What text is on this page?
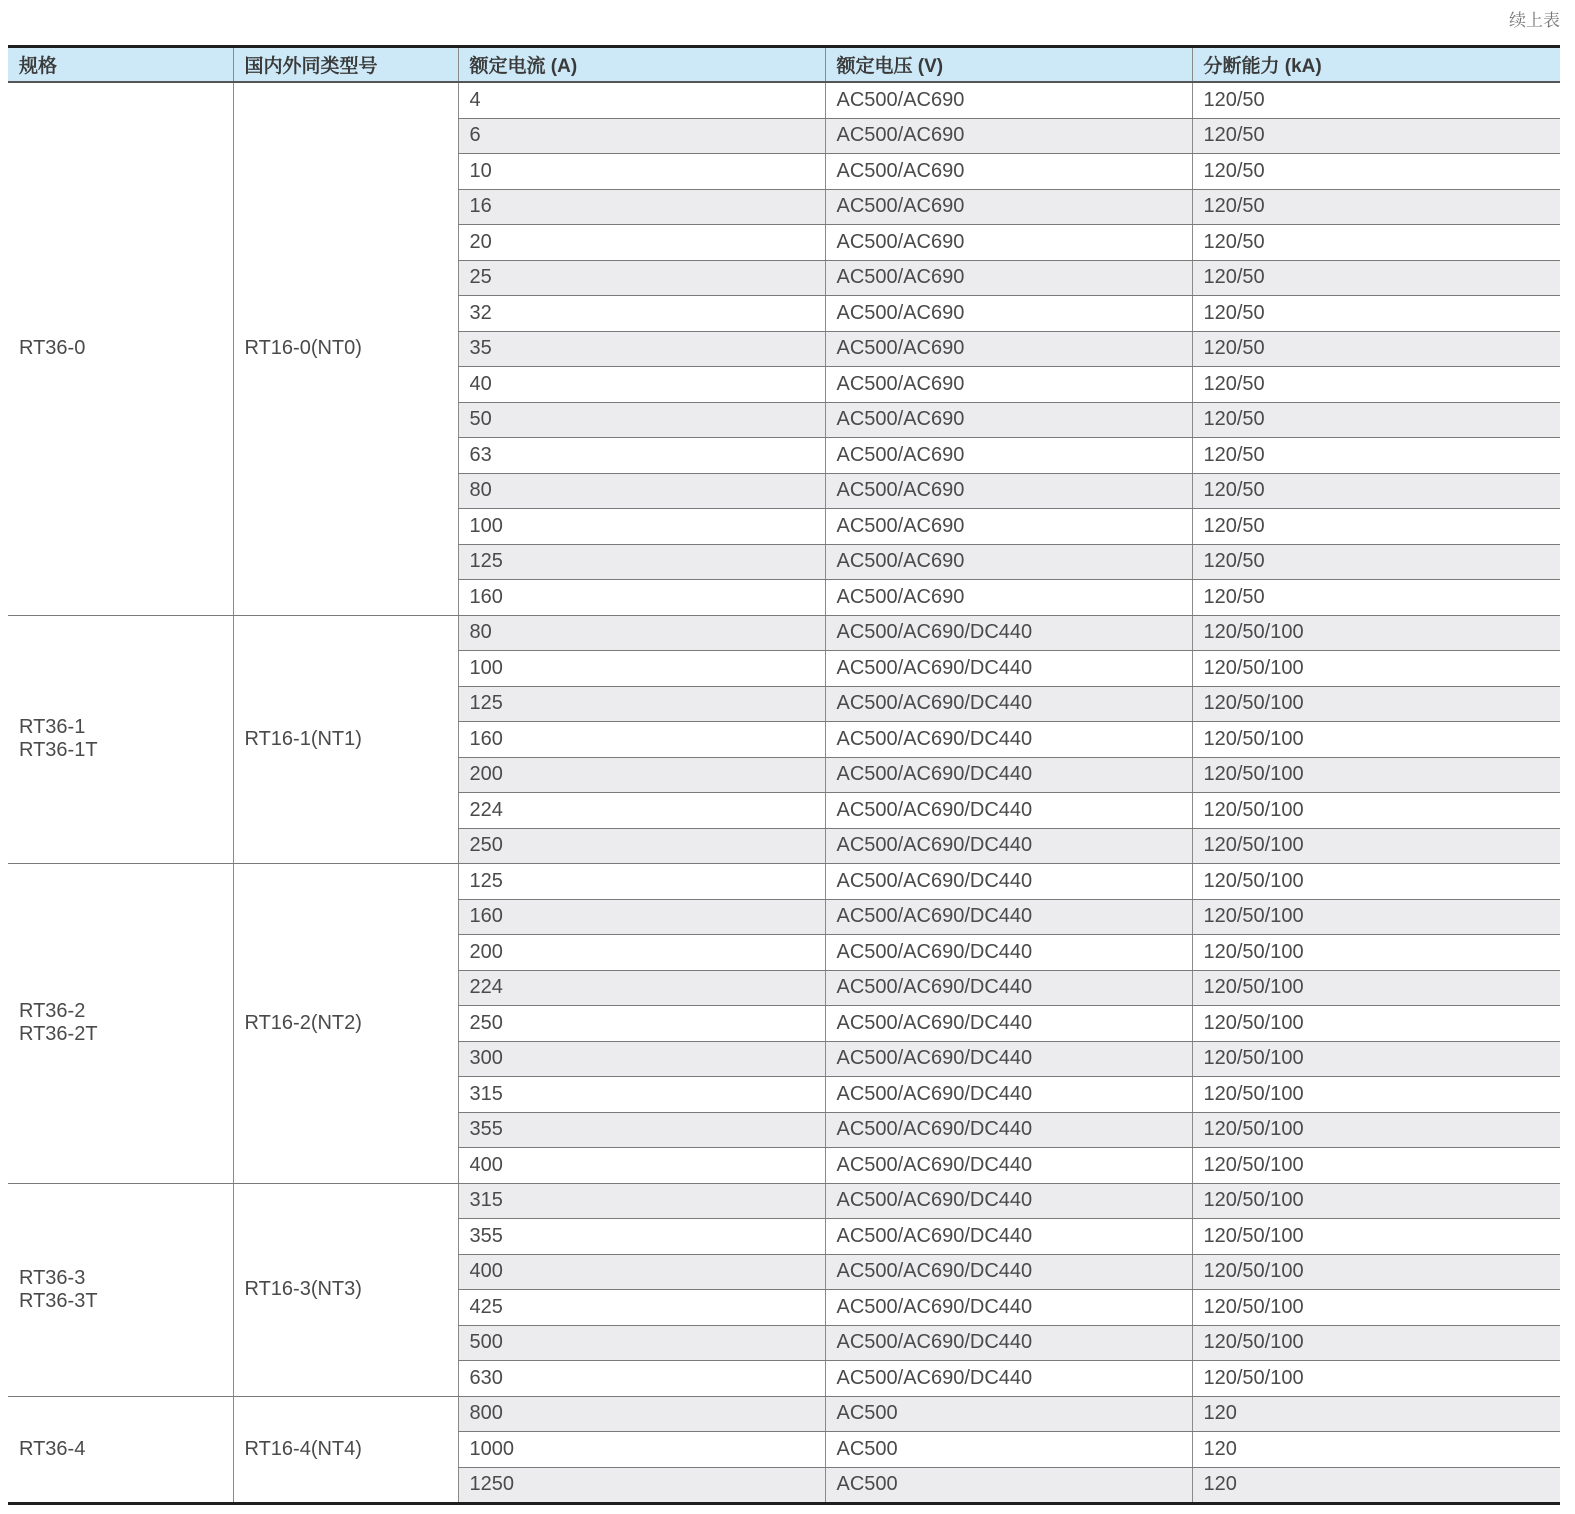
续上表
规格	国内外同类型号	额定电流 (A)	额定电压 (V)	分断能力 (kA)

RT36-0	RT16-0(NT0)	4	AC500/AC690	120/50
		6	AC500/AC690	120/50
		10	AC500/AC690	120/50
		16	AC500/AC690	120/50
		20	AC500/AC690	120/50
		25	AC500/AC690	120/50
		32	AC500/AC690	120/50
		35	AC500/AC690	120/50
		40	AC500/AC690	120/50
		50	AC500/AC690	120/50
		63	AC500/AC690	120/50
		80	AC500/AC690	120/50
		100	AC500/AC690	120/50
		125	AC500/AC690	120/50
		160	AC500/AC690	120/50

RT36-1
RT36-1T	RT16-1(NT1)	80	AC500/AC690/DC440	120/50/100
		100	AC500/AC690/DC440	120/50/100
		125	AC500/AC690/DC440	120/50/100
		160	AC500/AC690/DC440	120/50/100
		200	AC500/AC690/DC440	120/50/100
		224	AC500/AC690/DC440	120/50/100
		250	AC500/AC690/DC440	120/50/100

RT36-2
RT36-2T	RT16-2(NT2)	125	AC500/AC690/DC440	120/50/100
		160	AC500/AC690/DC440	120/50/100
		200	AC500/AC690/DC440	120/50/100
		224	AC500/AC690/DC440	120/50/100
		250	AC500/AC690/DC440	120/50/100
		300	AC500/AC690/DC440	120/50/100
		315	AC500/AC690/DC440	120/50/100
		355	AC500/AC690/DC440	120/50/100
		400	AC500/AC690/DC440	120/50/100

RT36-3
RT36-3T	RT16-3(NT3)	315	AC500/AC690/DC440	120/50/100
		355	AC500/AC690/DC440	120/50/100
		400	AC500/AC690/DC440	120/50/100
		425	AC500/AC690/DC440	120/50/100
		500	AC500/AC690/DC440	120/50/100
		630	AC500/AC690/DC440	120/50/100

RT36-4	RT16-4(NT4)	800	AC500	120
		1000	AC500	120
		1250	AC500	120
